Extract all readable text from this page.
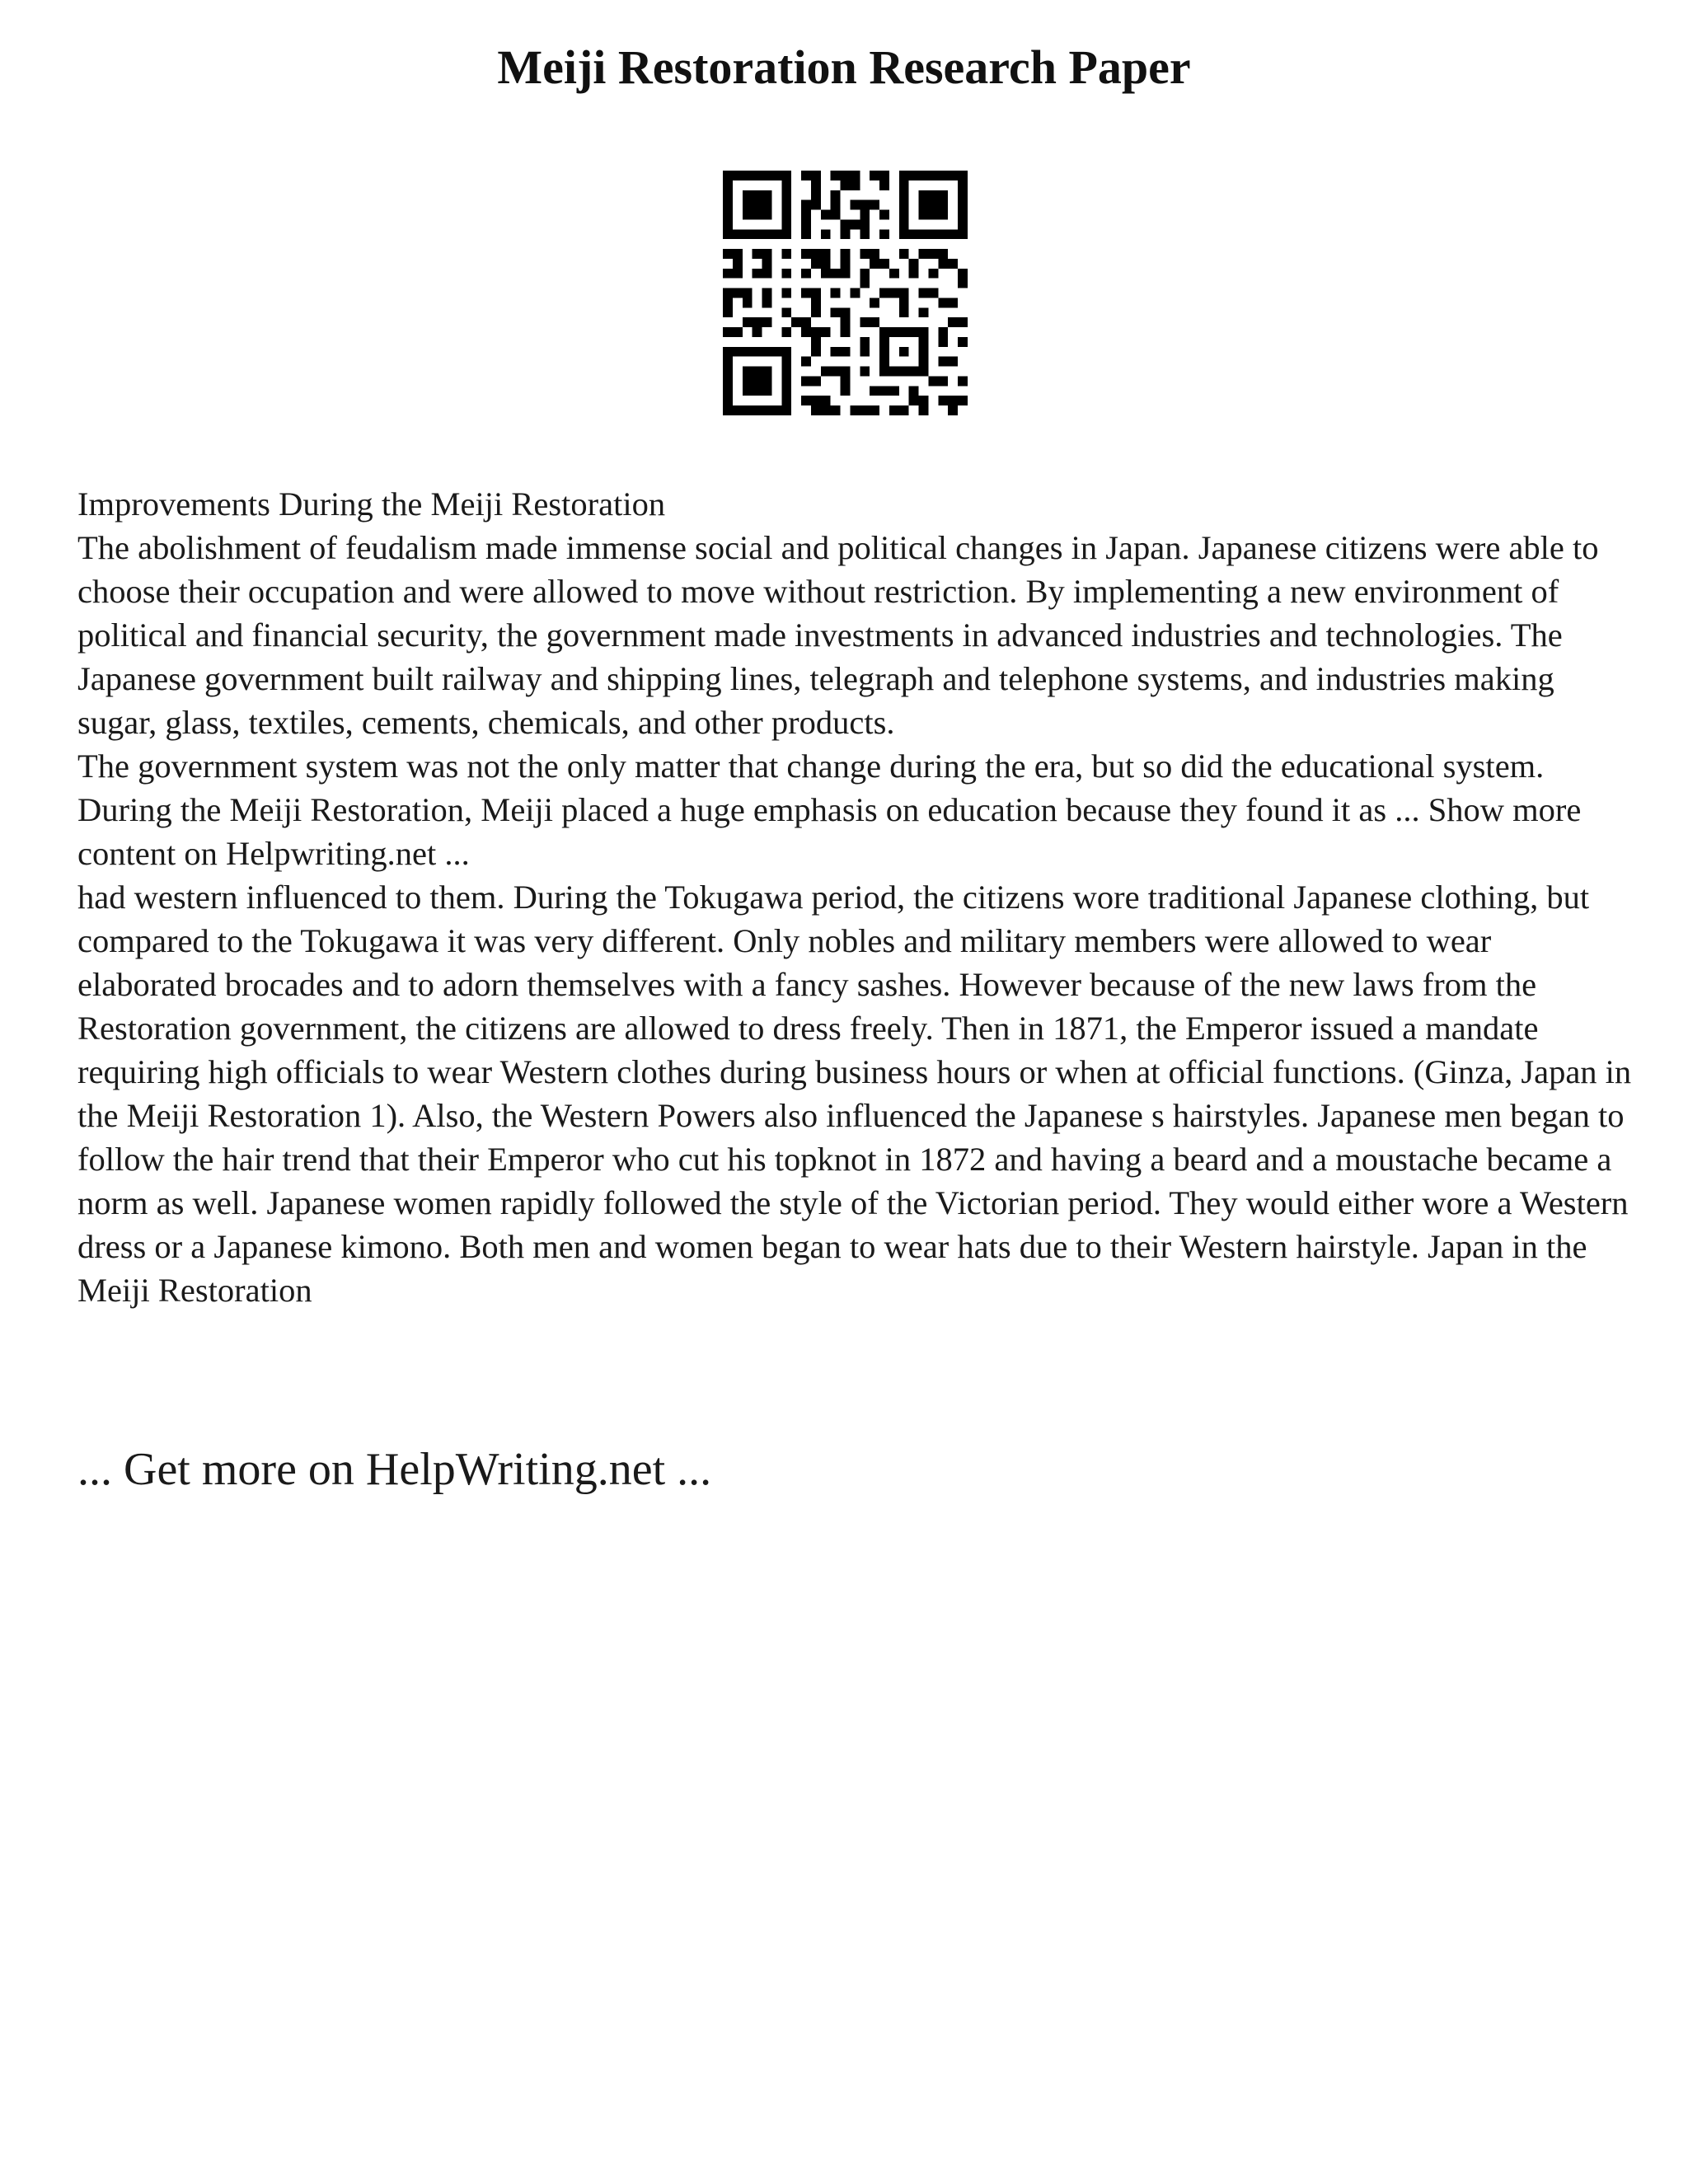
Meiji Restoration Research Paper

Improvements During the Meiji Restoration

The abolishment of feudalism made immense social and political changes in Japan. Japanese citizens were able to choose their occupation and were allowed to move without restriction. By implementing a new environment of political and financial security, the government made investments in advanced industries and technologies. The Japanese government built railway and shipping lines, telegraph and telephone systems, and industries making sugar, glass, textiles, cements, chemicals, and other products.

The government system was not the only matter that change during the era, but so did the educational system. During the Meiji Restoration, Meiji placed a huge emphasis on education because they found it as ... Show more content on Helpwriting.net ...

had western influenced to them. During the Tokugawa period, the citizens wore traditional Japanese clothing, but compared to the Tokugawa it was very different. Only nobles and military members were allowed to wear elaborated brocades and to adorn themselves with a fancy sashes. However because of the new laws from the Restoration government, the citizens are allowed to dress freely. Then in 1871, the Emperor issued a mandate requiring high officials to wear Western clothes during business hours or when at official functions. (Ginza, Japan in the Meiji Restoration 1). Also, the Western Powers also influenced the Japanese s hairstyles. Japanese men began to follow the hair trend that their Emperor who cut his topknot in 1872 and having a beard and a moustache became a norm as well. Japanese women rapidly followed the style of the Victorian period. They would either wore a Western dress or a Japanese kimono. Both men and women began to wear hats due to their Western hairstyle. Japan in the Meiji Restoration

... Get more on HelpWriting.net ...
